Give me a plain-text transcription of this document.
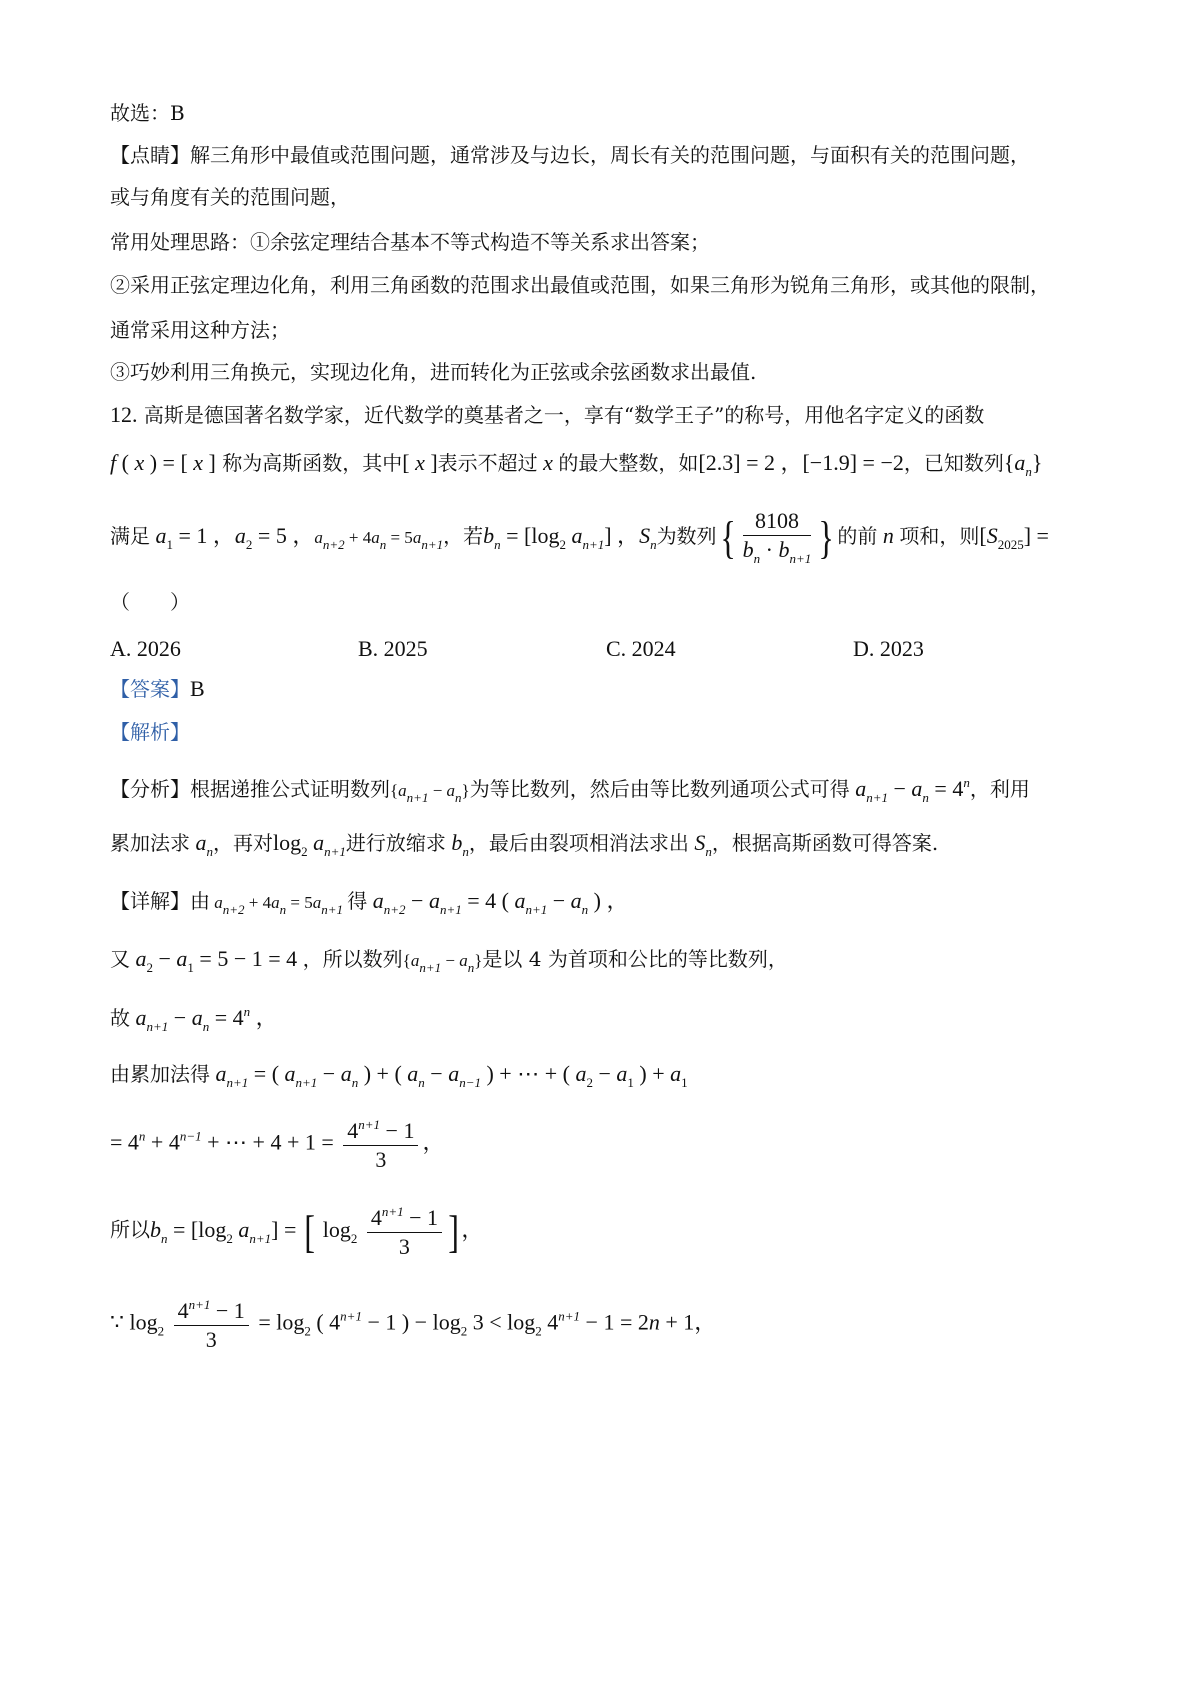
故选：B
【点睛】解三角形中最值或范围问题，通常涉及与边长，周长有关的范围问题，与面积有关的范围问题，
或与角度有关的范围问题，
常用处理思路：①余弦定理结合基本不等式构造不等关系求出答案；
②采用正弦定理边化角，利用三角函数的范围求出最值或范围，如果三角形为锐角三角形，或其他的限制，
通常采用这种方法；
③巧妙利用三角换元，实现边化角，进而转化为正弦或余弦函数求出最值.
12. 高斯是德国著名数学家，近代数学的奠基者之一，享有“数学王子”的称号，用他名字定义的函数
f ( x ) = [ x ] 称为高斯函数，其中[ x ]表示不超过 x 的最大整数，如[2.3] = 2 ，[−1.9] = −2，已知数列$\{a_n\}$
满足 $a_1 = 1$ ，$a_2 = 5$ ，$a_{n+2} + 4a_n = 5a_{n+1}$，若$b_n = [\log_2$ $a_{n+1}$] ，$S_n$为数列{ $\frac{8108}{b_n \cdot b_{n+1}}$ } 的前 n 项和，则$[S_{2025}]$ =
（　　）
A. 2026	B. 2025	C. 2024	D. 2023
【答案】B
【解析】
【分析】根据递推公式证明数列$\{a_{n+1} - a_n\}$为等比数列，然后由等比数列通项公式可得 $a_{n+1} - a_n = 4^n$，利用
累加法求 $a_n$，再对$\log_2 a_{n+1}$进行放缩求 $b_n$，最后由裂项相消法求出 $S_n$，根据高斯函数可得答案.
【详解】由 $a_{n+2} + 4a_n = 5a_{n+1}$ 得 $a_{n+2} - a_{n+1} = 4$ ( $a_{n+1} - a_n$ ) ，
又 $a_2 - a_1 = 5 - 1 = 4$ ，所以数列$\{a_{n+1} - a_n\}$是以 4 为首项和公比的等比数列，
故 $a_{n+1} - a_n = 4^n$ ，
由累加法得 $a_{n+1}$ = ( $a_{n+1} - a_n$ ) + ( $a_n - a_{n-1}$ ) + ⋯ + ( $a_2 - a_1$ ) + $a_1$
= $4^n + 4^{n-1}$ + ⋯ + $4 + 1 = \frac{4^{n+1} - 1}{3}$ ，
所以$b_n = [\log_2$ $a_{n+1}$] = [ $\log_2 \frac{4^{n+1} - 1}{3}$ ] ，
∵ $\log_2 \frac{4^{n+1} - 1}{3} = \log_2$ ( $4^{n+1} - 1$ ) − $\log_2 3 < \log_2 4^{n+1} - 1 = 2n + 1$，
